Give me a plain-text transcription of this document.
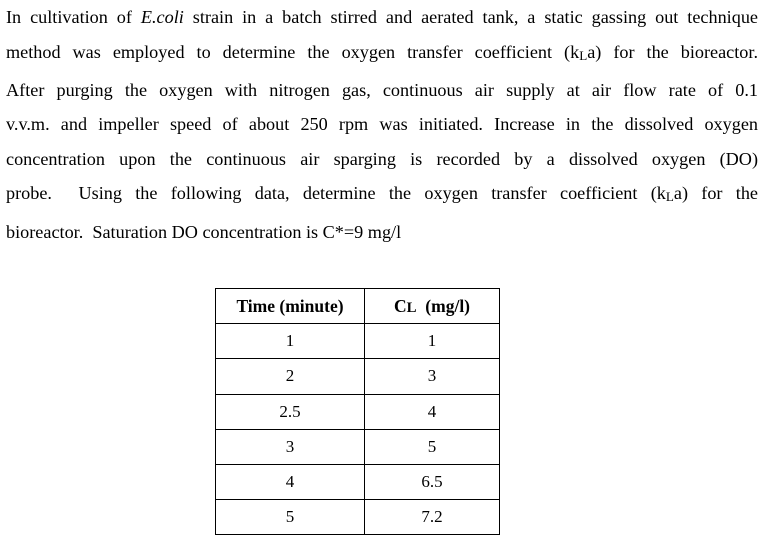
In cultivation of E.coli strain in a batch stirred and aerated tank, a static gassing out technique
method was employed to determine the oxygen transfer coefficient (kLa) for the bioreactor.
After purging the oxygen with nitrogen gas, continuous air supply at air flow rate of 0.1
v.v.m. and impeller speed of about 250 rpm was initiated. Increase in the dissolved oxygen
concentration upon the continuous air sparging is recorded by a dissolved oxygen (DO)
probe.  Using the following data, determine the oxygen transfer coefficient (kLa) for the
bioreactor.  Saturation DO concentration is C*=9 mg/l
Time (minute)	CL  (mg/l)
1	1
2	3
2.5	4
3	5
4	6.5
5	7.2
